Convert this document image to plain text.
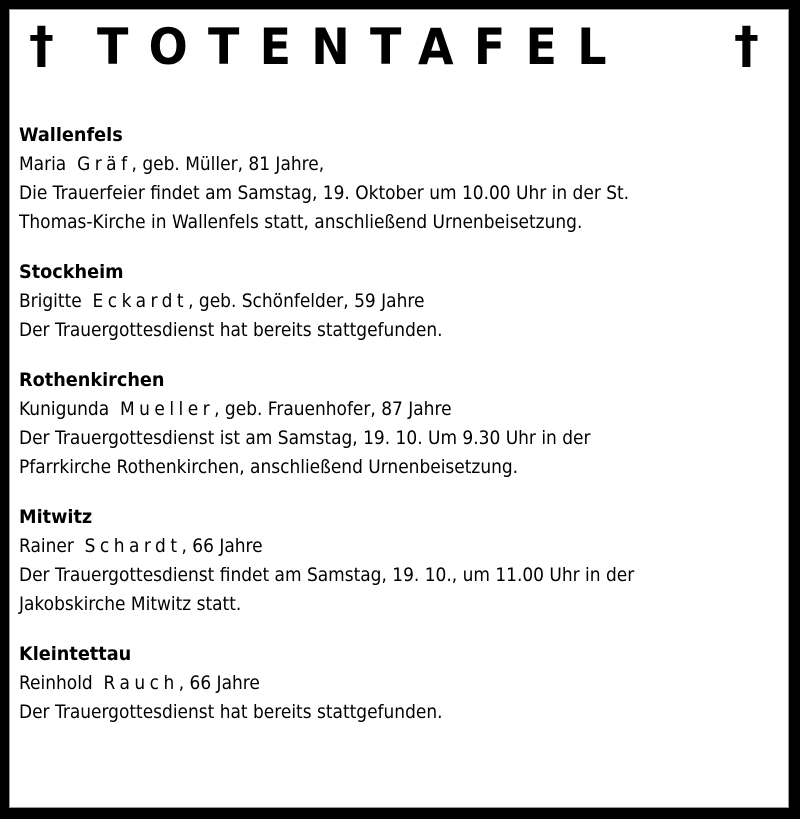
† TOTENTAFEL †
Wallenfels
Maria Gräf, geb. Müller, 81 Jahre,
Die Trauerfeier findet am Samstag, 19. Oktober um 10.00 Uhr in der St.
Thomas-Kirche in Wallenfels statt, anschließend Urnenbeisetzung.
Stockheim
Brigitte Eckardt, geb. Schönfelder, 59 Jahre
Der Trauergottesdienst hat bereits stattgefunden.
Rothenkirchen
Kunigunda Mueller, geb. Frauenhofer, 87 Jahre
Der Trauergottesdienst ist am Samstag, 19. 10. Um 9.30 Uhr in der
Pfarrkirche Rothenkirchen, anschließend Urnenbeisetzung.
Mitwitz
Rainer Schardt, 66 Jahre
Der Trauergottesdienst findet am Samstag, 19. 10., um 11.00 Uhr in der
Jakobskirche Mitwitz statt.
Kleintettau
Reinhold Rauch, 66 Jahre
Der Trauergottesdienst hat bereits stattgefunden.
